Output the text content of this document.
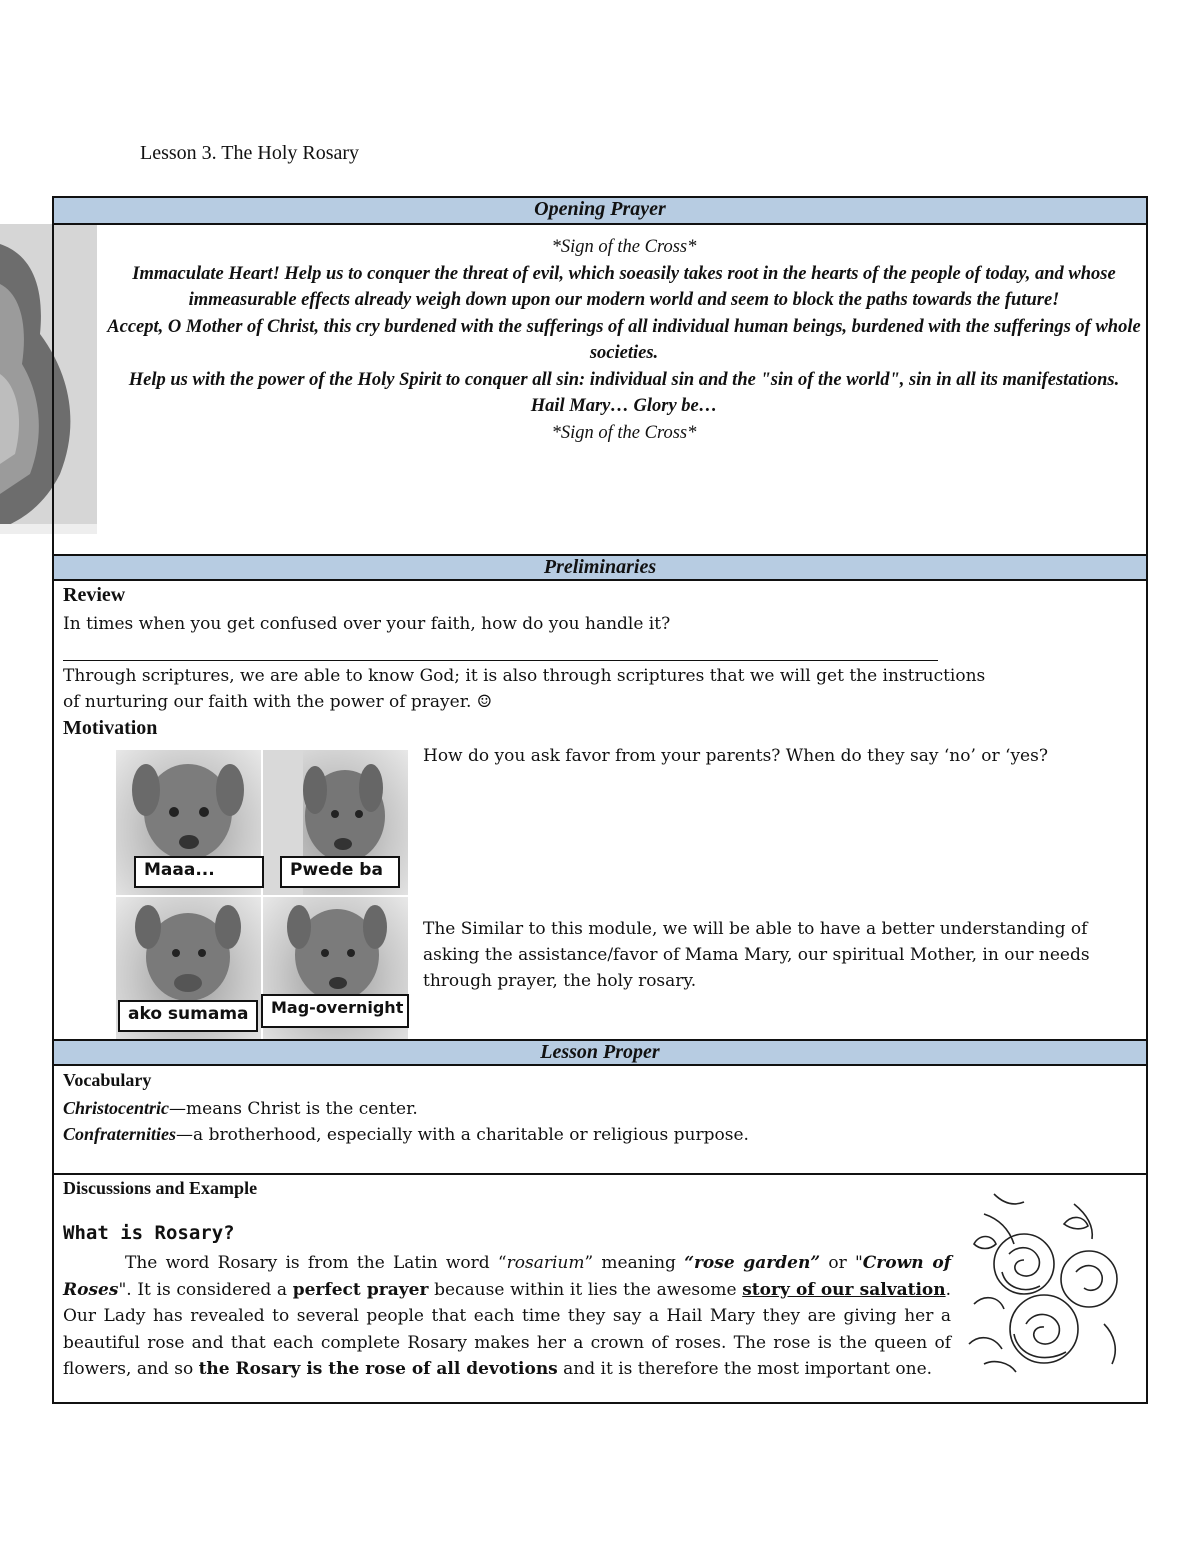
Lesson 3. The Holy Rosary
Opening Prayer
*Sign of the Cross*
Immaculate Heart! Help us to conquer the threat of evil, which soeasily takes root in the hearts of the people of today, and whose immeasurable effects already weigh down upon our modern world and seem to block the paths towards the future!
Accept, O Mother of Christ, this cry burdened with the sufferings of all individual human beings, burdened with the sufferings of whole societies.
Help us with the power of the Holy Spirit to conquer all sin: individual sin and the "sin of the world", sin in all its manifestations.
Hail Mary… Glory be…
*Sign of the Cross*
Preliminaries
Review
In times when you get confused over your faith, how do you handle it?
Through scriptures, we are able to know God; it is also through scriptures that we will get the instructions
of nurturing our faith with the power of prayer. ☺
Motivation
Maaa...	Pwede ba
ako sumama	Mag-overnight
How do you ask favor from your parents? When do they say ‘no’ or ‘yes?
The Similar to this module, we will be able to have a better understanding of asking the assistance/favor of Mama Mary, our spiritual Mother, in our needs through prayer, the holy rosary.
Lesson Proper
Vocabulary
Christocentric—means Christ is the center.
Confraternities—a brotherhood, especially with a charitable or religious purpose.
Discussions and Example
What is Rosary?
The word Rosary is from the Latin word “rosarium” meaning “rose garden” or "Crown of Roses". It is considered a perfect prayer because within it lies the awesome story of our salvation. Our Lady has revealed to several people that each time they say a Hail Mary they are giving her a beautiful rose and that each complete Rosary makes her a crown of roses. The rose is the queen of flowers, and so the Rosary is the rose of all devotions and it is therefore the most important one.
